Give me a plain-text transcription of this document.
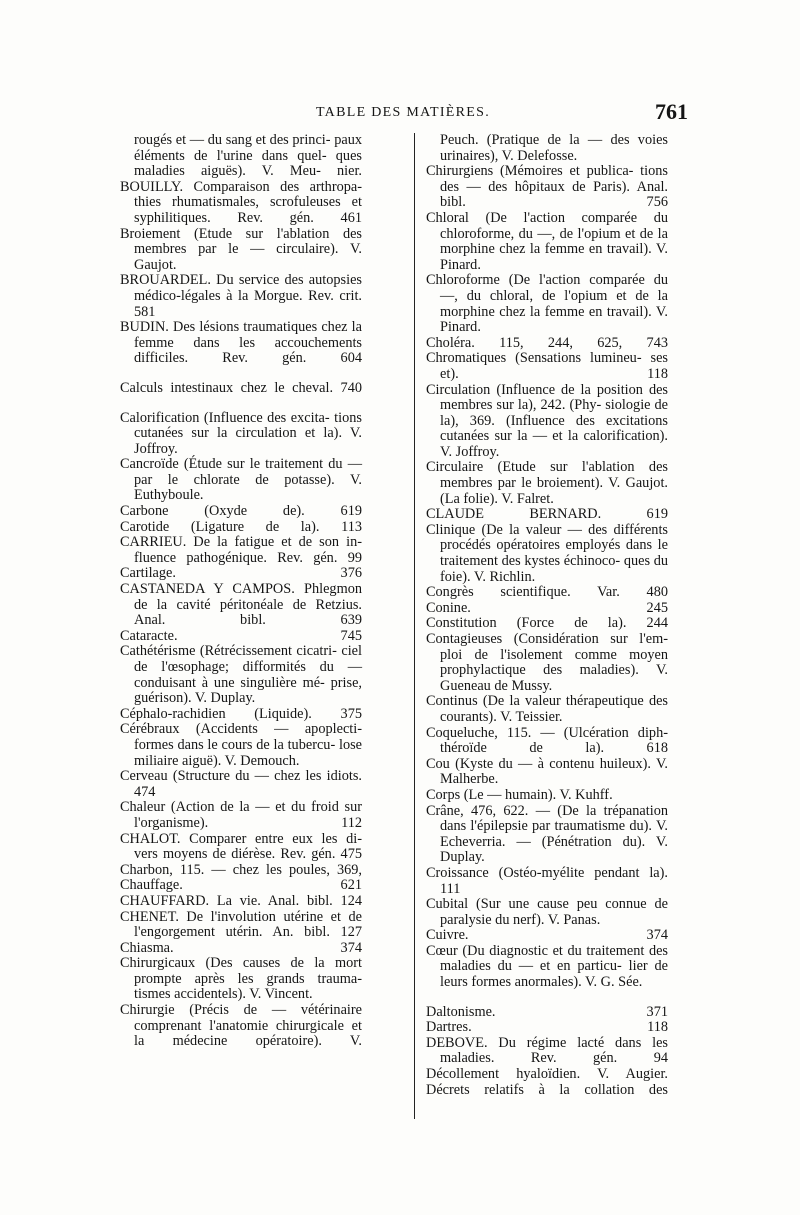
TABLE DES MATIÈRES.	761

rougés et — du sang et des princi- paux éléments de l'urine dans quel- ques maladies aiguës). V. Meu- nier.

BOUILLY. Comparaison des arthropa- thies rhumatismales, scrofuleuses et syphilitiques. Rev. gén. 461

Broiement (Etude sur l'ablation des membres par le — circulaire). V. Gaujot.

BROUARDEL. Du service des autopsies médico-légales à la Morgue. Rev. crit. 581

BUDIN. Des lésions traumatiques chez la femme dans les accouchements difficiles. Rev. gén. 604

Calculs intestinaux chez le cheval. 740

Calorification (Influence des excita- tions cutanées sur la circulation et la). V. Joffroy.

Cancroïde (Étude sur le traitement du — par le chlorate de potasse). V. Euthyboule.

Carbone (Oxyde de). 619

Carotide (Ligature de la). 113

CARRIEU. De la fatigue et de son in- fluence pathogénique. Rev. gén. 99

Cartilage. 376

CASTANEDA Y CAMPOS. Phlegmon de la cavité péritonéale de Retzius. Anal. bibl. 639

Cataracte. 745

Cathétérisme (Rétrécissement cicatri- ciel de l'œsophage; difformités du — conduisant à une singulière mé- prise, guérison). V. Duplay.

Céphalo-rachidien (Liquide). 375

Cérébraux (Accidents — apoplecti- formes dans le cours de la tubercu- lose miliaire aiguë). V. Demouch.

Cerveau (Structure du — chez les idiots. 474

Chaleur (Action de la — et du froid sur l'organisme). 112

CHALOT. Comparer entre eux les di- vers moyens de diérèse. Rev. gén. 475

Charbon, 115. — chez les poules, 369,

Chauffage. 621

CHAUFFARD. La vie. Anal. bibl. 124

CHENET. De l'involution utérine et de l'engorgement utérin. An. bibl. 127

Chiasma. 374

Chirurgicaux (Des causes de la mort prompte après les grands trauma- tismes accidentels). V. Vincent.

Chirurgie (Précis de — vétérinaire comprenant l'anatomie chirurgicale et la médecine opératoire). V.

Peuch. (Pratique de la — des voies urinaires), V. Delefosse.

Chirurgiens (Mémoires et publica- tions des — des hôpitaux de Paris). Anal. bibl. 756

Chloral (De l'action comparée du chloroforme, du —, de l'opium et de la morphine chez la femme en travail). V. Pinard.

Chloroforme (De l'action comparée du —, du chloral, de l'opium et de la morphine chez la femme en travail). V. Pinard.

Choléra. 115, 244, 625, 743

Chromatiques (Sensations lumineu- ses et). 118

Circulation (Influence de la position des membres sur la), 242. (Phy- siologie de la), 369. (Influence des excitations cutanées sur la — et la calorification). V. Joffroy.

Circulaire (Etude sur l'ablation des membres par le broiement). V. Gaujot. (La folie). V. Falret.

CLAUDE BERNARD. 619

Clinique (De la valeur — des différents procédés opératoires employés dans le traitement des kystes échinoco- ques du foie). V. Richlin.

Congrès scientifique. Var. 480

Conine. 245

Constitution (Force de la). 244

Contagieuses (Considération sur l'em- ploi de l'isolement comme moyen prophylactique des maladies). V. Gueneau de Mussy.

Continus (De la valeur thérapeutique des courants). V. Teissier.

Coqueluche, 115. — (Ulcération diph- théroïde de la). 618

Cou (Kyste du — à contenu huileux). V. Malherbe.

Corps (Le — humain). V. Kuhff.

Crâne, 476, 622. — (De la trépanation dans l'épilepsie par traumatisme du). V. Echeverria. — (Pénétration du). V. Duplay.

Croissance (Ostéo-myélite pendant la). 111

Cubital (Sur une cause peu connue de paralysie du nerf). V. Panas.

Cuivre. 374

Cœur (Du diagnostic et du traitement des maladies du — et en particu- lier de leurs formes anormales). V. G. Sée.

Daltonisme. 371

Dartres. 118

DEBOVE. Du régime lacté dans les maladies. Rev. gén. 94

Décollement hyaloïdien. V. Augier.

Décrets relatifs à la collation des
